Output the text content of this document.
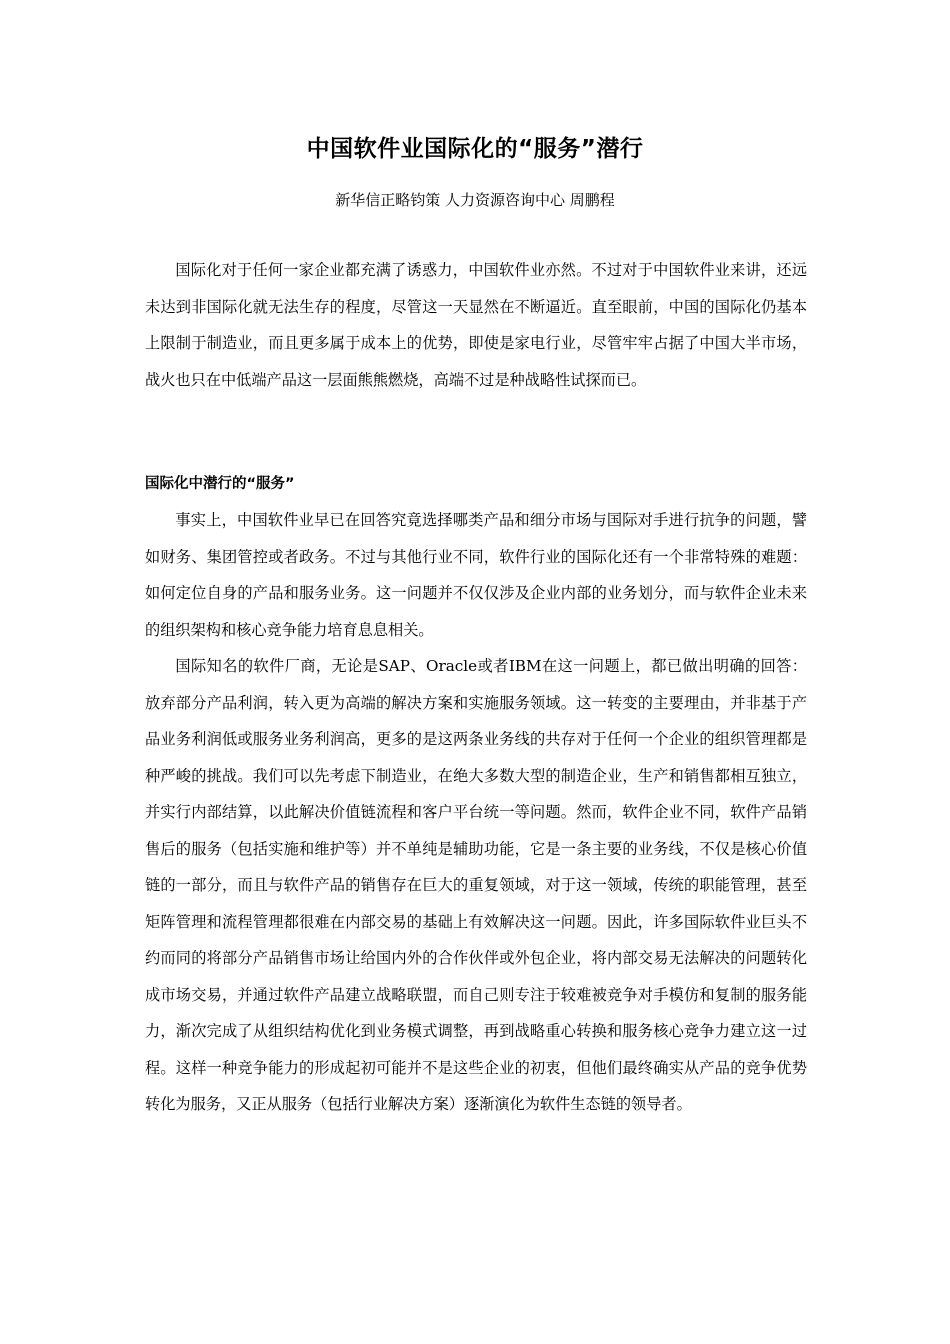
中国软件业国际化的“服务”潜行
新华信正略钧策 人力资源咨询中心 周鹏程

国际化对于任何一家企业都充满了诱惑力，中国软件业亦然。不过对于中国软件业来讲，还远未达到非国际化就无法生存的程度，尽管这一天显然在不断逼近。直至眼前，中国的国际化仍基本上限制于制造业，而且更多属于成本上的优势，即使是家电行业，尽管牢牢占据了中国大半市场，战火也只在中低端产品这一层面熊熊燃烧，高端不过是种战略性试探而已。

国际化中潜行的“服务”

事实上，中国软件业早已在回答究竟选择哪类产品和细分市场与国际对手进行抗争的问题，譬如财务、集团管控或者政务。不过与其他行业不同，软件行业的国际化还有一个非常特殊的难题：如何定位自身的产品和服务业务。这一问题并不仅仅涉及企业内部的业务划分，而与软件企业未来的组织架构和核心竞争能力培育息息相关。

国际知名的软件厂商，无论是SAP、Oracle或者IBM在这一问题上，都已做出明确的回答：放弃部分产品利润，转入更为高端的解决方案和实施服务领域。这一转变的主要理由，并非基于产品业务利润低或服务业务利润高，更多的是这两条业务线的共存对于任何一个企业的组织管理都是种严峻的挑战。我们可以先考虑下制造业，在绝大多数大型的制造企业，生产和销售都相互独立，并实行内部结算，以此解决价值链流程和客户平台统一等问题。然而，软件企业不同，软件产品销售后的服务（包括实施和维护等）并不单纯是辅助功能，它是一条主要的业务线，不仅是核心价值链的一部分，而且与软件产品的销售存在巨大的重复领域，对于这一领域，传统的职能管理，甚至矩阵管理和流程管理都很难在内部交易的基础上有效解决这一问题。因此，许多国际软件业巨头不约而同的将部分产品销售市场让给国内外的合作伙伴或外包企业，将内部交易无法解决的问题转化成市场交易，并通过软件产品建立战略联盟，而自己则专注于较难被竞争对手模仿和复制的服务能力，渐次完成了从组织结构优化到业务模式调整，再到战略重心转换和服务核心竞争力建立这一过程。这样一种竞争能力的形成起初可能并不是这些企业的初衷，但他们最终确实从产品的竞争优势转化为服务，又正从服务（包括行业解决方案）逐渐演化为软件生态链的领导者。
